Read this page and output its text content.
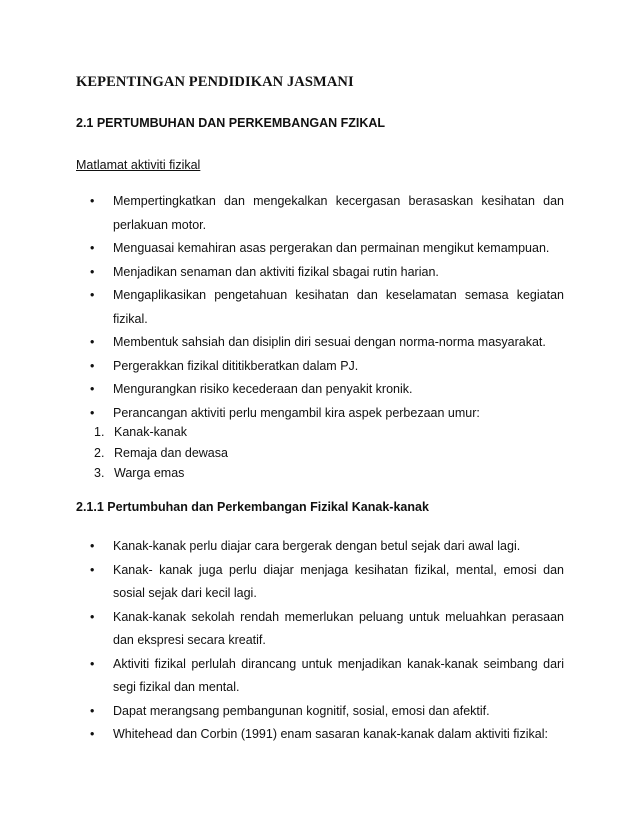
KEPENTINGAN PENDIDIKAN JASMANI
2.1 PERTUMBUHAN DAN PERKEMBANGAN FZIKAL
Matlamat aktiviti fizikal
• Mempertingkatkan dan mengekalkan kecergasan berasaskan kesihatan dan perlakuan motor.
• Menguasai kemahiran asas pergerakan dan permainan mengikut kemampuan.
• Menjadikan senaman dan aktiviti fizikal sbagai rutin harian.
• Mengaplikasikan pengetahuan kesihatan dan keselamatan semasa kegiatan fizikal.
• Membentuk sahsiah dan disiplin diri sesuai dengan norma-norma masyarakat.
• Pergerakkan fizikal dititikberatkan dalam PJ.
• Mengurangkan risiko kecederaan dan penyakit kronik.
• Perancangan aktiviti perlu mengambil kira aspek perbezaan umur:
1. Kanak-kanak
2. Remaja dan dewasa
3. Warga emas
2.1.1 Pertumbuhan dan Perkembangan Fizikal Kanak-kanak
• Kanak-kanak perlu diajar cara bergerak dengan betul sejak dari awal lagi.
• Kanak- kanak juga perlu diajar menjaga kesihatan fizikal, mental, emosi dan sosial sejak dari kecil lagi.
• Kanak-kanak sekolah rendah memerlukan peluang untuk meluahkan perasaan dan ekspresi secara kreatif.
• Aktiviti fizikal perlulah dirancang untuk menjadikan kanak-kanak seimbang dari segi fizikal dan mental.
• Dapat merangsang pembangunan kognitif, sosial, emosi dan afektif.
• Whitehead dan Corbin (1991) enam sasaran kanak-kanak dalam aktiviti fizikal:
